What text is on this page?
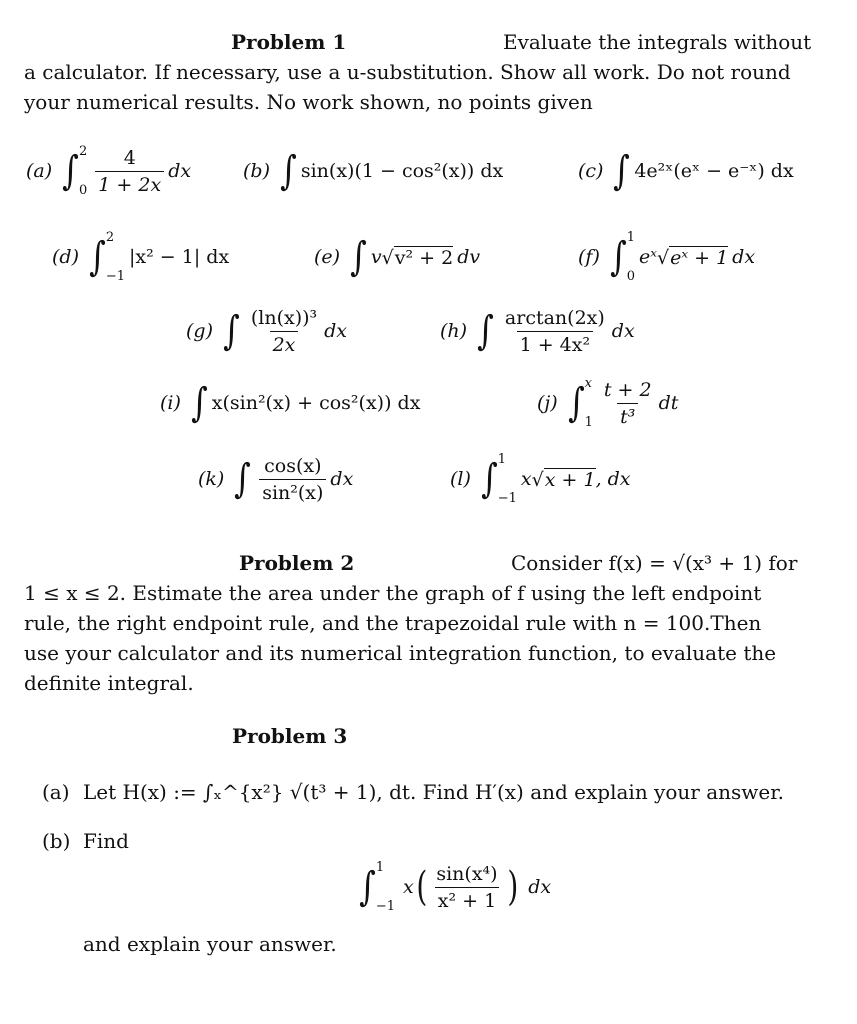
Problem 1	Evaluate the integrals without
a calculator. If necessary, use a u-substitution. Show all work. Do not round
your numerical results. No work shown, no points given
(a) ∫ 2
$0 \frac{4}{1 + 2x}$ dx	(b) ∫ sin(x)(1 − cos²(x)) dx	(c) ∫ 4e²ˣ(eˣ − e⁻ˣ) dx
(d) ∫ 2
−1
|x² − 1| dx	(e) ∫ v √ v² + 2 dv	(f) ∫ 1
0
eˣ √ eˣ + 1 dx
(g) ∫ $\frac{\text{(ln(x))³}}{2x}$ dx	(h) ∫ $\frac{\arctan(2x)}{\text{1 + 4x²}}$ dx
(i) ∫ x(sin²(x) + cos²(x)) dx	(j) ∫ x
$1 \frac{t + 2}{\text{t³}}$ dt
(k) ∫ $\frac{\cos(x)}{\text{sin²(x)}}$ dx	(l) ∫ 1
−1
x √ x + 1 , dx
Problem 2	Consider f(x) = √(x³ + 1) for
1 ≤ x ≤ 2. Estimate the area under the graph of f using the left endpoint
rule, the right endpoint rule, and the trapezoidal rule with n = 100.Then
use your calculator and its numerical integration function, to evaluate the
definite integral.
Problem 3
(a) Let H(x) := ∫ₓ^{x²} √(t³ + 1), dt. Find H′(x) and explain your answer.
(b) Find
∫ 1
−1
x ( $\frac{\text{sin(x⁴)}}{\text{x² + 1}}$ ) dx
and explain your answer.
